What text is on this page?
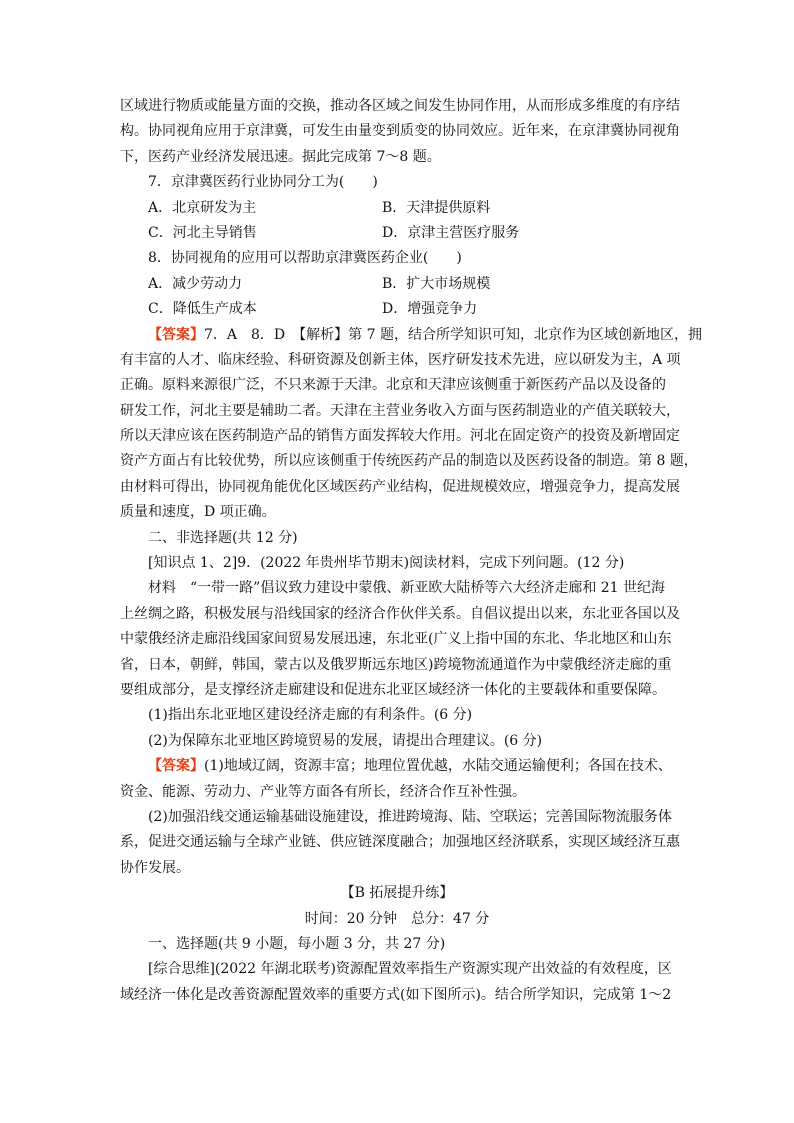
区域进行物质或能量方面的交换，推动各区域之间发生协同作用，从而形成多维度的有序结
构。协同视角应用于京津冀，可发生由量变到质变的协同效应。近年来，在京津冀协同视角
下，医药产业经济发展迅速。据此完成第 7～8 题。
7．京津冀医药行业协同分工为(　　)
A．北京研发为主	B．天津提供原料
C．河北主导销售	D．京津主营医疗服务
8．协同视角的应用可以帮助京津冀医药企业(　　)
A．减少劳动力	B．扩大市场规模
C．降低生产成本	D．增强竞争力
【答案】7．A　8．D　【解析】第 7 题，结合所学知识可知，北京作为区域创新地区，拥
有丰富的人才、临床经验、科研资源及创新主体，医疗研发技术先进，应以研发为主，A 项
正确。原料来源很广泛，不只来源于天津。北京和天津应该侧重于新医药产品以及设备的
研发工作，河北主要是辅助二者。天津在主营业务收入方面与医药制造业的产值关联较大，
所以天津应该在医药制造产品的销售方面发挥较大作用。河北在固定资产的投资及新增固定
资产方面占有比较优势，所以应该侧重于传统医药产品的制造以及医药设备的制造。第 8 题，
由材料可得出，协同视角能优化区域医药产业结构，促进规模效应，增强竞争力，提高发展
质量和速度，D 项正确。
二、非选择题(共 12 分)
[知识点 1、2]9．(2022 年贵州毕节期末)阅读材料，完成下列问题。(12 分)
材料　“一带一路”倡议致力建设中蒙俄、新亚欧大陆桥等六大经济走廊和 21 世纪海
上丝绸之路，积极发展与沿线国家的经济合作伙伴关系。自倡议提出以来，东北亚各国以及
中蒙俄经济走廊沿线国家间贸易发展迅速，东北亚(广义上指中国的东北、华北地区和山东
省，日本，朝鲜，韩国，蒙古以及俄罗斯远东地区)跨境物流通道作为中蒙俄经济走廊的重
要组成部分，是支撑经济走廊建设和促进东北亚区域经济一体化的主要载体和重要保障。
(1)指出东北亚地区建设经济走廊的有利条件。(6 分)
(2)为保障东北亚地区跨境贸易的发展，请提出合理建议。(6 分)
【答案】(1)地域辽阔，资源丰富；地理位置优越，水陆交通运输便利；各国在技术、
资金、能源、劳动力、产业等方面各有所长，经济合作互补性强。
(2)加强沿线交通运输基础设施建设，推进跨境海、陆、空联运；完善国际物流服务体
系，促进交通运输与全球产业链、供应链深度融合；加强地区经济联系，实现区域经济互惠
协作发展。
【B 拓展提升练】
时间：20 分钟　总分：47 分
一、选择题(共 9 小题，每小题 3 分，共 27 分)
[综合思维](2022 年湖北联考)资源配置效率指生产资源实现产出效益的有效程度，区
域经济一体化是改善资源配置效率的重要方式(如下图所示)。结合所学知识，完成第 1～2
